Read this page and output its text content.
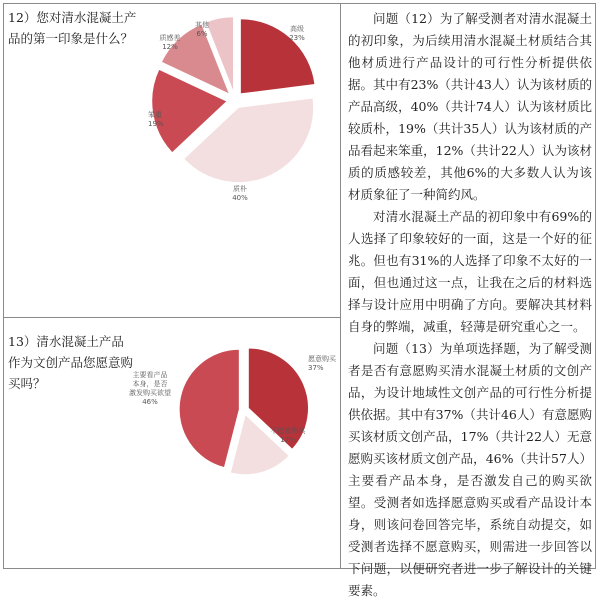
12）您对清水混凝土产品的第一印象是什么？
13）清水混凝土产品作为文创产品您愿意购买吗？
高级 23%
质朴 40%
笨重 19%
质感差 12%
其他 6%
愿意购买 37%
不愿意购买 17%
主要看产品本身，是否激发购买欲望 46%

问题（12）为了解受测者对清水混凝土的初印象，为后续用清水混凝土材质结合其他材质进行产品设计的可行性分析提供依据。其中有23%（共计43人）认为该材质的产品高级，40%（共计74人）认为该材质比较质朴，19%（共计35人）认为该材质的产品看起来笨重，12%（共计22人）认为该材质的质感较差，其他6%的大多数人认为该材质象征了一种简约风。

对清水混凝土产品的初印象中有69%的人选择了印象较好的一面，这是一个好的征兆。但也有31%的人选择了印象不太好的一面，但也通过这一点，让我在之后的材料选择与设计应用中明确了方向。要解决其材料自身的弊端，减重，轻薄是研究重心之一。

问题（13）为单项选择题，为了解受测者是否有意愿购买清水混凝土材质的文创产品，为设计地域性文创产品的可行性分析提供依据。其中有37%（共计46人）有意愿购买该材质文创产品，17%（共计22人）无意愿购买该材质文创产品，46%（共计57人）主要看产品本身，是否激发自己的购买欲望。受测者如选择愿意购买或看产品设计本身，则该问卷回答完毕，系统自动提交，如受测者选择不愿意购买，则需进一步回答以下问题，以便研究者进一步了解设计的关键要素。
